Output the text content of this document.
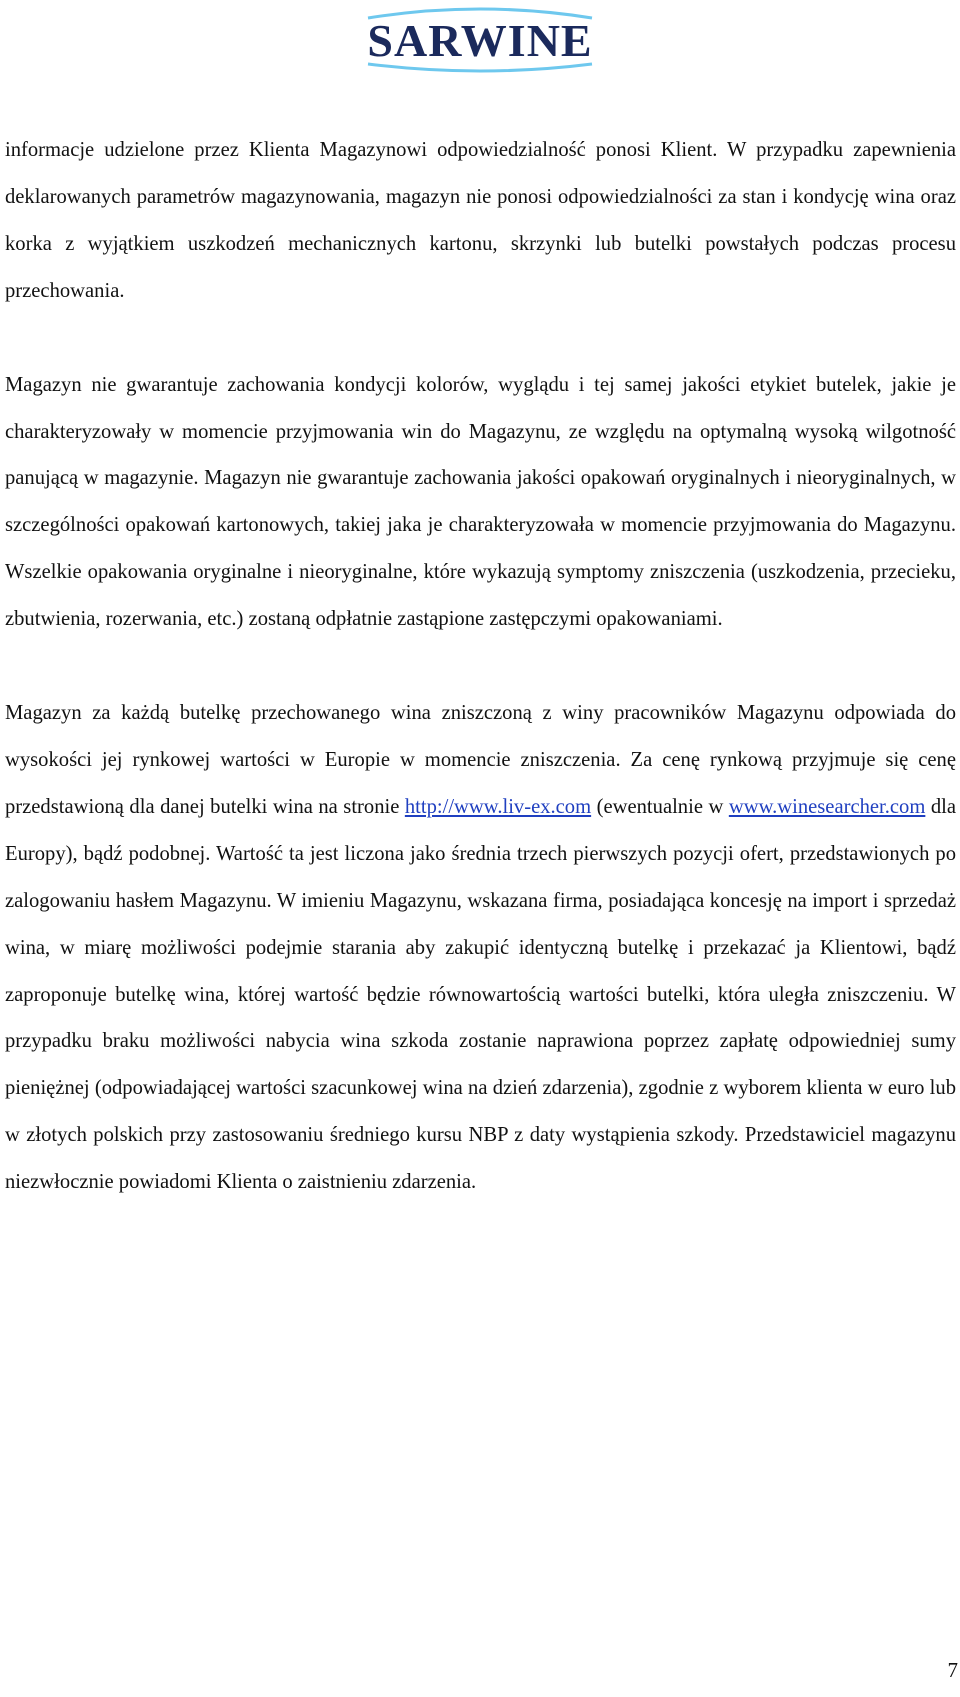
SARWINE

informacje udzielone przez Klienta Magazynowi odpowiedzialność ponosi Klient. W przypadku zapewnienia deklarowanych parametrów magazynowania, magazyn nie ponosi odpowiedzialności za stan i kondycję wina oraz korka z wyjątkiem uszkodzeń mechanicznych kartonu, skrzynki lub butelki powstałych podczas procesu przechowania.

Magazyn nie gwarantuje zachowania kondycji kolorów, wyglądu i tej samej jakości etykiet butelek, jakie je charakteryzowały w momencie przyjmowania win do Magazynu, ze względu na optymalną wysoką wilgotność panującą w magazynie. Magazyn nie gwarantuje zachowania jakości opakowań oryginalnych i nieoryginalnych, w szczególności opakowań kartonowych, takiej jaka je charakteryzowała w momencie przyjmowania do Magazynu. Wszelkie opakowania oryginalne i nieoryginalne, które wykazują symptomy zniszczenia (uszkodzenia, przecieku, zbutwienia, rozerwania, etc.) zostaną odpłatnie zastąpione zastępczymi opakowaniami.

Magazyn za każdą butelkę przechowanego wina zniszczoną z winy pracowników Magazynu odpowiada do wysokości jej rynkowej wartości w Europie w momencie zniszczenia. Za cenę rynkową przyjmuje się cenę przedstawioną dla danej butelki wina na stronie http://www.liv-ex.com (ewentualnie w www.winesearcher.com dla Europy), bądź podobnej. Wartość ta jest liczona jako średnia trzech pierwszych pozycji ofert, przedstawionych po zalogowaniu hasłem Magazynu. W imieniu Magazynu, wskazana firma, posiadająca koncesję na import i sprzedaż wina, w miarę możliwości podejmie starania aby zakupić identyczną butelkę i przekazać ja Klientowi, bądź zaproponuje butelkę wina, której wartość będzie równowartością wartości butelki, która uległa zniszczeniu. W przypadku braku możliwości nabycia wina szkoda zostanie naprawiona poprzez zapłatę odpowiedniej sumy pieniężnej (odpowiadającej wartości szacunkowej wina na dzień zdarzenia), zgodnie z wyborem klienta w euro lub w złotych polskich przy zastosowaniu średniego kursu NBP z daty wystąpienia szkody. Przedstawiciel magazynu niezwłocznie powiadomi Klienta o zaistnieniu zdarzenia.

7
